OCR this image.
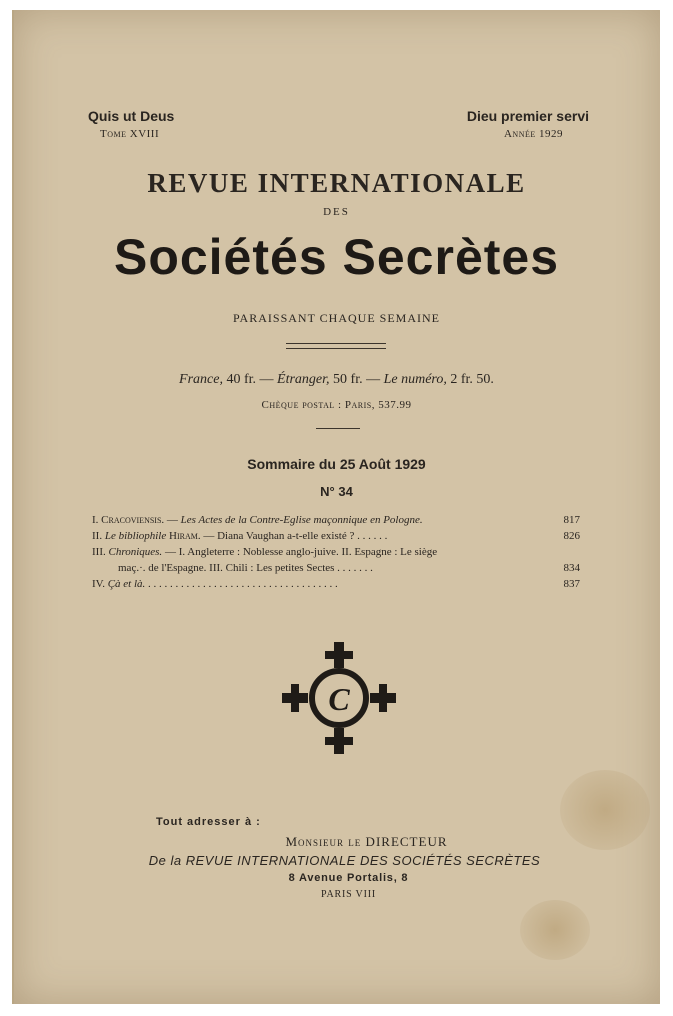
Quis ut Deus
Tome XVIII
Dieu premier servi
Année 1929
REVUE INTERNATIONALE
DES
Sociétés Secrètes
PARAISSANT CHAQUE SEMAINE
France, 40 fr. — Étranger, 50 fr. — Le numéro, 2 fr. 50.
Chèque postal : Paris, 537.99
Sommaire du 25 Août 1929
N° 34
I. Cracoviensis. — Les Actes de la Contre-Eglise maçonnique en Pologne.	817
II. Le bibliophile Hiram. — Diana Vaughan a-t-elle existé ? . . . . . .	826
III. Chroniques. — I. Angleterre : Noblesse anglo-juive. II. Espagne : Le siège
maç.·. de l'Espagne. III. Chili : Les petites Sectes . . . . . . .	834
IV. Çà et là. . . . . . . . . . . . . . . . . . . . . . . . . . . . . . . . . . . .	837
C
Tout adresser à :
Monsieur le DIRECTEUR
De la REVUE INTERNATIONALE DES SOCIÉTÉS SECRÈTES
8 Avenue Portalis, 8
PARIS VIII
